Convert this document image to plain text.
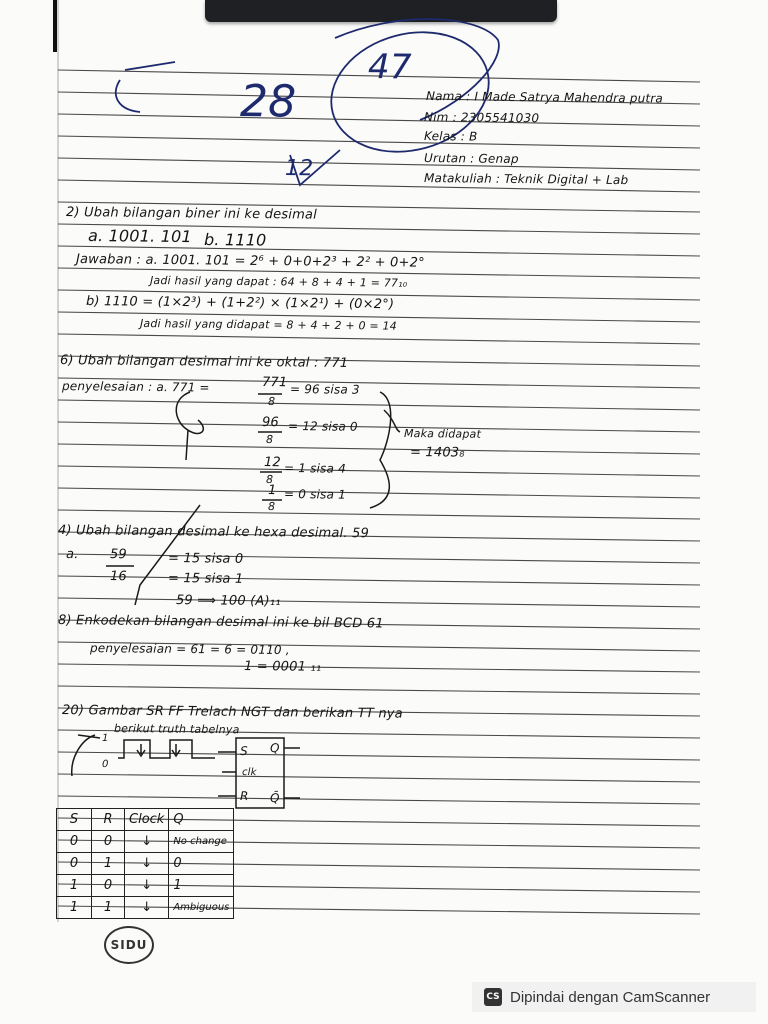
47
28
12
Nama : I Made Satrya Mahendra putra
Nim : 2305541030
Kelas : B
Urutan : Genap
Matakuliah : Teknik Digital + Lab
2) Ubah bilangan biner ini ke desimal
a. 1001. 101 b. 1110
Jawaban : a. 1001. 101 = 2⁶ + 0+0+2³ + 2² + 0+2°
Jadi hasil yang dapat : 64 + 8 + 4 + 1 = 77₁₀
b) 1110 = (1×2³) + (1+2²) × (1×2¹) + (0×2°)
Jadi hasil yang didapat = 8 + 4 + 2 + 0 = 14
6) Ubah bilangan desimal ini ke oktal : 771
penyelesaian : a. 771 =	771
8
= 96 sisa 3
96
8
= 12 sisa 0
12
8
= 1 sisa 4
1
8
= 0 sisa 1
Maka didapat
= 1403₈
4) Ubah bilangan desimal ke hexa desimal. 59
a. 59
16
= 15 sisa 0
= 15 sisa 1
59 ⟹ 100 (A)₁₁
8) Enkodekan bilangan desimal ini ke bil BCD 61
penyelesaian = 61 = 6 = 0110 ,
1 = 0001 ₁₁
20) Gambar SR FF Trelach NGT dan berikan TT nya
berikut truth tabelnya
1
0
S
R
clk
Q
Q̄
S	R	Clock	Q
0	0	↓	No change
0	1	↓	0
1	0	↓	1
1	1	↓	Ambiguous
SIDU
CS Dipindai dengan CamScanner
